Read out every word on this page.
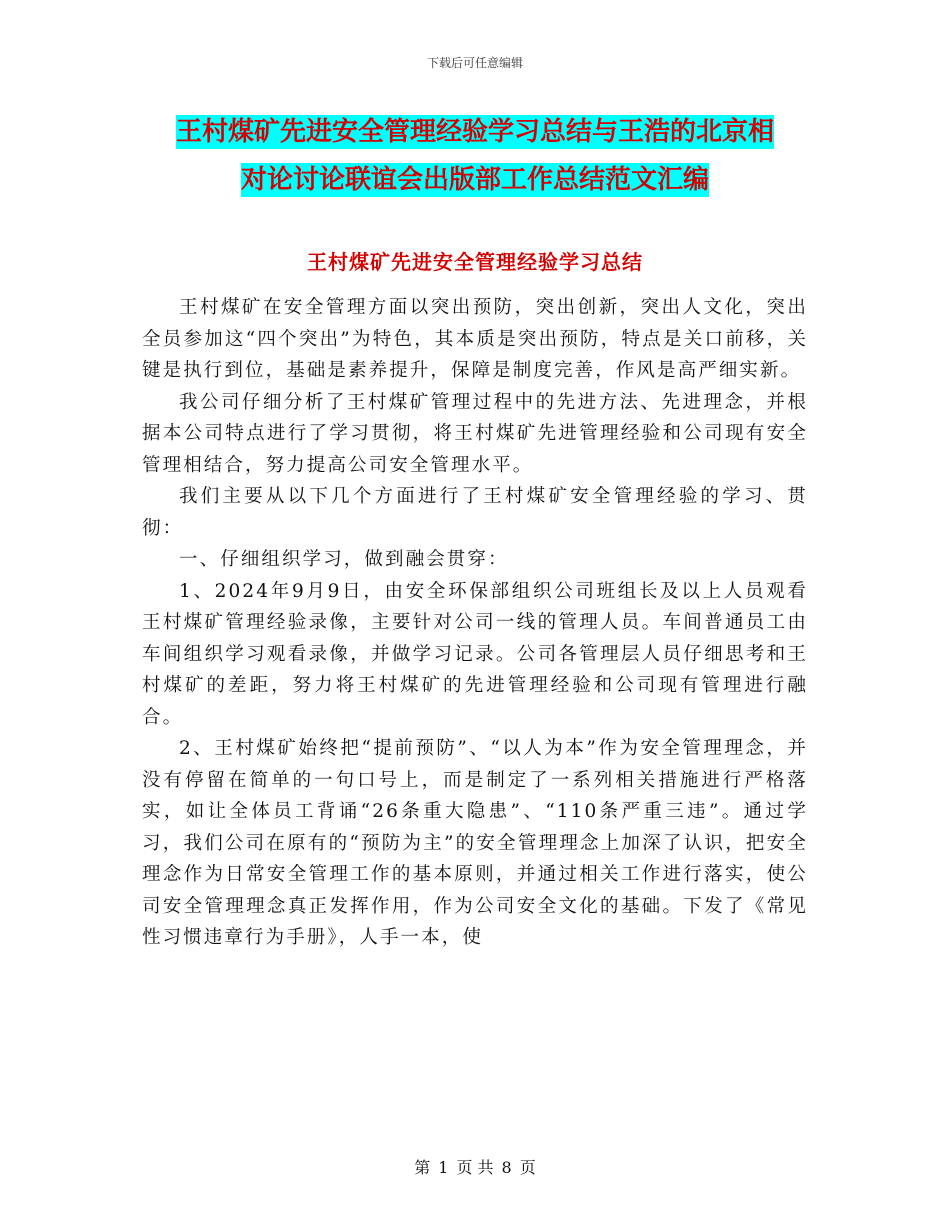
下载后可任意编辑
王村煤矿先进安全管理经验学习总结与王浩的北京相
对论讨论联谊会出版部工作总结范文汇编
王村煤矿先进安全管理经验学习总结

王村煤矿在安全管理方面以突出预防，突出创新，突出人文化，突出全员参加这“四个突出”为特色，其本质是突出预防，特点是关口前移，关键是执行到位，基础是素养提升，保障是制度完善，作风是高严细实新。

我公司仔细分析了王村煤矿管理过程中的先进方法、先进理念，并根据本公司特点进行了学习贯彻，将王村煤矿先进管理经验和公司现有安全管理相结合，努力提高公司安全管理水平。

我们主要从以下几个方面进行了王村煤矿安全管理经验的学习、贯彻：

一、仔细组织学习，做到融会贯穿：

1、2024年9月9日，由安全环保部组织公司班组长及以上人员观看王村煤矿管理经验录像，主要针对公司一线的管理人员。车间普通员工由车间组织学习观看录像，并做学习记录。公司各管理层人员仔细思考和王村煤矿的差距，努力将王村煤矿的先进管理经验和公司现有管理进行融合。

2、王村煤矿始终把“提前预防”、“以人为本”作为安全管理理念，并没有停留在简单的一句口号上，而是制定了一系列相关措施进行严格落实，如让全体员工背诵“26条重大隐患”、“110条严重三违”。通过学习，我们公司在原有的“预防为主”的安全管理理念上加深了认识，把安全理念作为日常安全管理工作的基本原则，并通过相关工作进行落实，使公司安全管理理念真正发挥作用，作为公司安全文化的基础。下发了《常见性习惯违章行为手册》，人手一本，使

第 1 页 共 8 页
